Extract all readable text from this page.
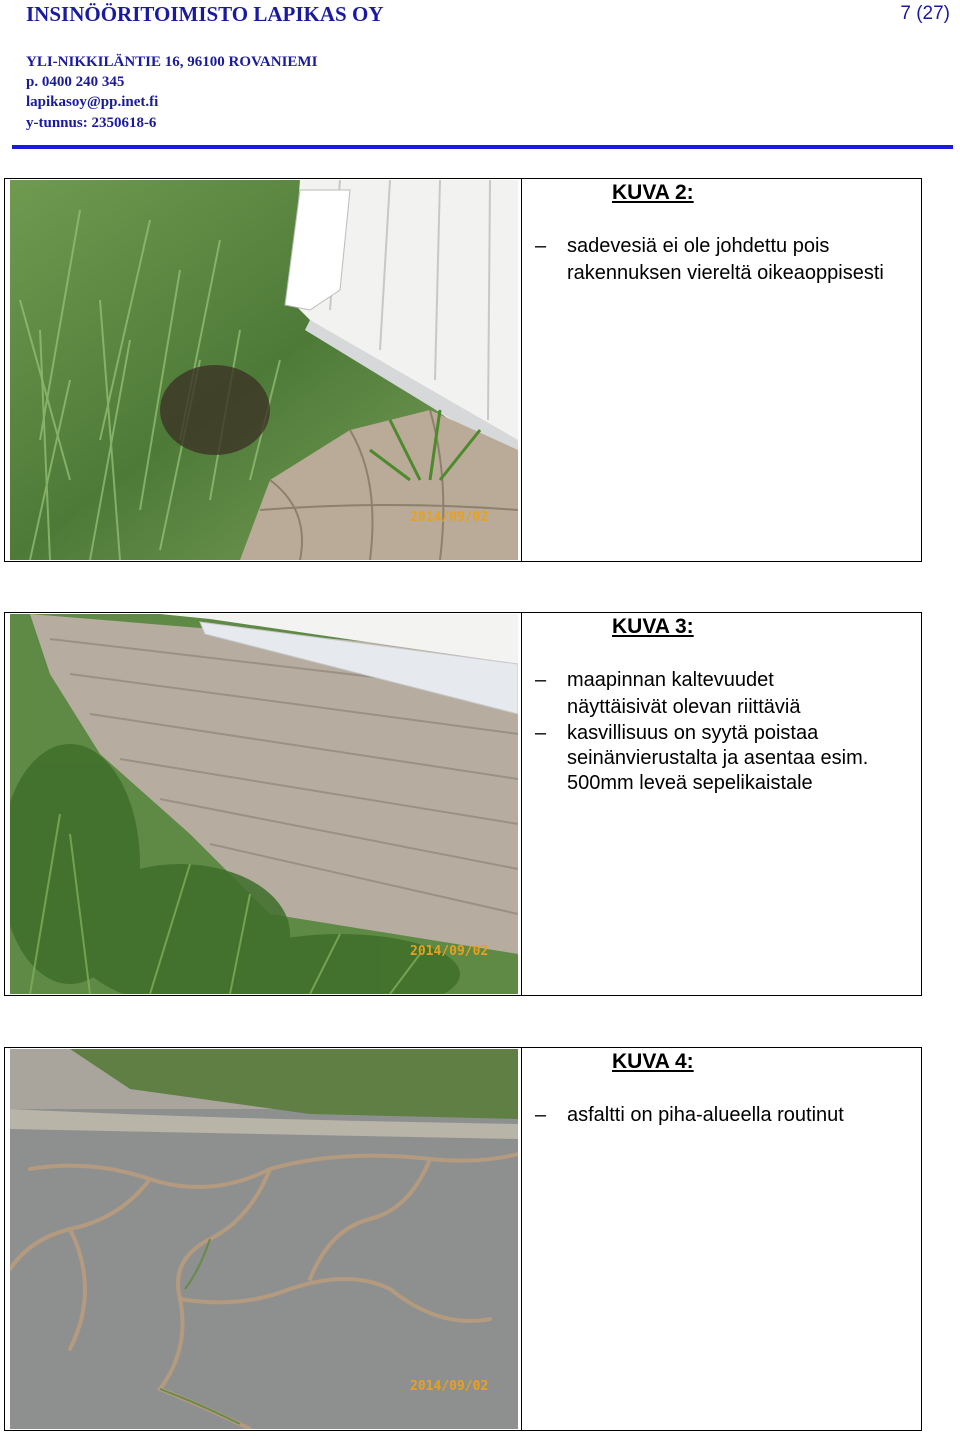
INSINÖÖRITOIMISTO LAPIKAS OY	7 (27)
YLI-NIKKILÄNTIE 16, 96100 ROVANIEMI
p. 0400 240 345
lapikasoy@pp.inet.fi
y-tunnus: 2350618-6
2014/09/02
KUVA 2:
– sadevesiä ei ole johdettu pois rakennuksen viereltä oikeaoppisesti
2014/09/02
KUVA 3:
– maapinnan kaltevuudet näyttäisivät olevan riittäviä
– kasvillisuus on syytä poistaa seinänvierustalta ja asentaa esim. 500mm leveä sepelikaistale
2014/09/02
KUVA 4:
– asfaltti on piha-alueella routinut
